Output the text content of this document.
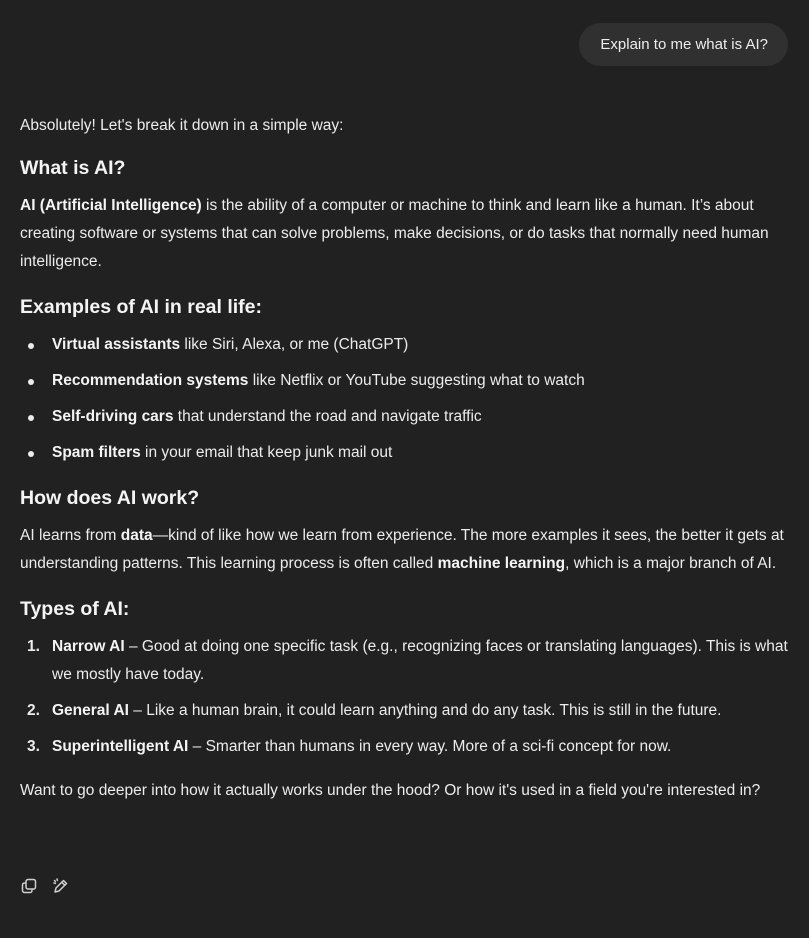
Explain to me what is AI?

Absolutely! Let's break it down in a simple way:

What is AI?

AI (Artificial Intelligence) is the ability of a computer or machine to think and learn like a human. It’s about creating software or systems that can solve problems, make decisions, or do tasks that normally need human intelligence.

Examples of AI in real life:
Virtual assistants like Siri, Alexa, or me (ChatGPT)
Recommendation systems like Netflix or YouTube suggesting what to watch
Self-driving cars that understand the road and navigate traffic
Spam filters in your email that keep junk mail out
How does AI work?

AI learns from data—kind of like how we learn from experience. The more examples it sees, the better it gets at understanding patterns. This learning process is often called machine learning, which is a major branch of AI.

Types of AI:
1. Narrow AI – Good at doing one specific task (e.g., recognizing faces or translating languages). This is what we mostly have today.
2. General AI – Like a human brain, it could learn anything and do any task. This is still in the future.
3. Superintelligent AI – Smarter than humans in every way. More of a sci-fi concept for now.

Want to go deeper into how it actually works under the hood? Or how it's used in a field you're interested in?
